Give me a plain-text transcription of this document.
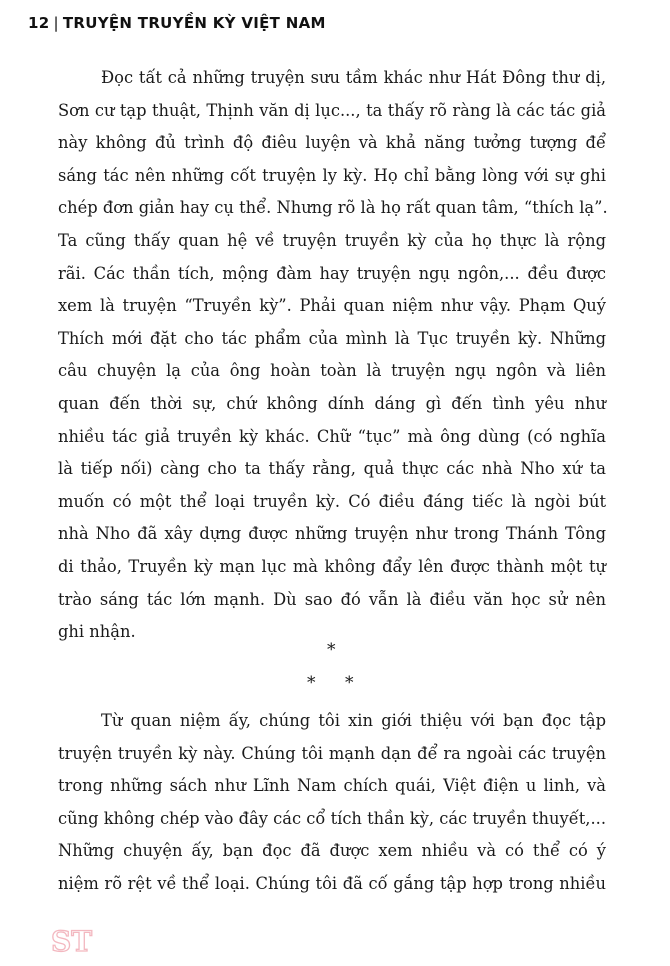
12 | TRUYỆN TRUYỀN KỲ VIỆT NAM
Đọc tất cả những truyện sưu tầm khác như Hát Đông thư dị,
Sơn cư tạp thuật, Thịnh văn dị lục..., ta thấy rõ ràng là các tác giả
này không đủ trình độ điêu luyện và khả năng tưởng tượng để
sáng tác nên những cốt truyện ly kỳ. Họ chỉ bằng lòng với sự ghi
chép đơn giản hay cụ thể. Nhưng rõ là họ rất quan tâm, “thích lạ”.
Ta cũng thấy quan hệ về truyện truyền kỳ của họ thực là rộng
rãi. Các thần tích, mộng đàm hay truyện ngụ ngôn,... đều được
xem là truyện “Truyền kỳ”. Phải quan niệm như vậy. Phạm Quý
Thích mới đặt cho tác phẩm của mình là Tục truyền kỳ. Những
câu chuyện lạ của ông hoàn toàn là truyện ngụ ngôn và liên
quan đến thời sự, chứ không dính dáng gì đến tình yêu như
nhiều tác giả truyền kỳ khác. Chữ “tục” mà ông dùng (có nghĩa
là tiếp nối) càng cho ta thấy rằng, quả thực các nhà Nho xứ ta
muốn có một thể loại truyền kỳ. Có điều đáng tiếc là ngòi bút
nhà Nho đã xây dựng được những truyện như trong Thánh Tông
di thảo, Truyền kỳ mạn lục mà không đẩy lên được thành một tự
trào sáng tác lớn mạnh. Dù sao đó vẫn là điều văn học sử nên
ghi nhận.
*
* *
Từ quan niệm ấy, chúng tôi xin giới thiệu với bạn đọc tập
truyện truyền kỳ này. Chúng tôi mạnh dạn để ra ngoài các truyện
trong những sách như Lĩnh Nam chích quái, Việt điện u linh, và
cũng không chép vào đây các cổ tích thần kỳ, các truyền thuyết,...
Những chuyện ấy, bạn đọc đã được xem nhiều và có thể có ý
niệm rõ rệt về thể loại. Chúng tôi đã cố gắng tập hợp trong nhiều
ST
